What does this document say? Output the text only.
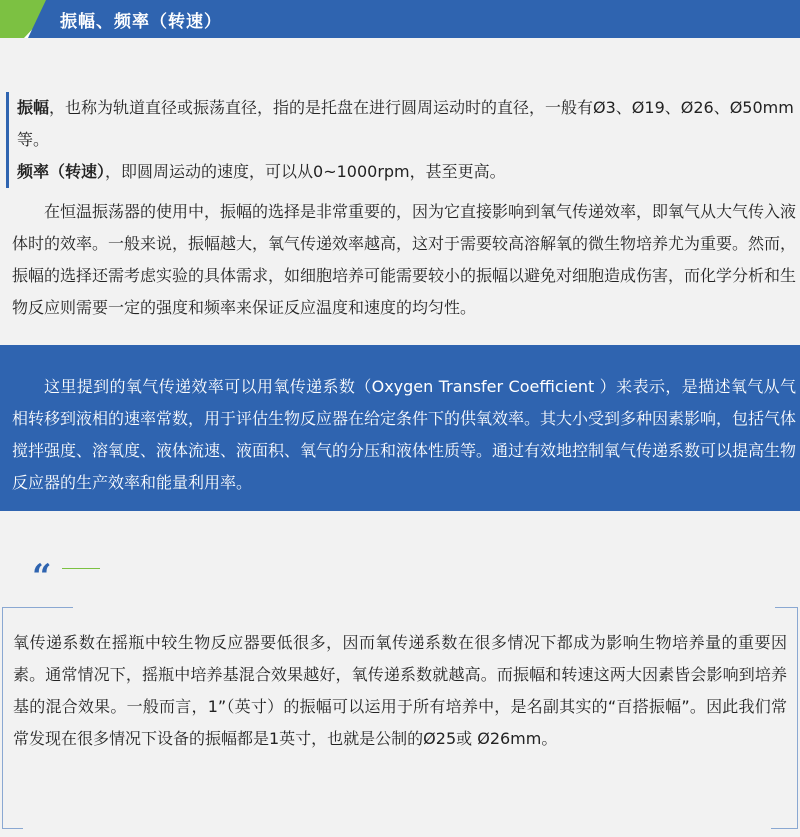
振幅、频率（转速）
振幅，也称为轨道直径或振荡直径，指的是托盘在进行圆周运动时的直径，一般有Ø3、Ø19、Ø26、Ø50mm等。
频率（转速），即圆周运动的速度，可以从0~1000rpm，甚至更高。

在恒温振荡器的使用中，振幅的选择是非常重要的，因为它直接影响到氧气传递效率，即氧气从大气传入液体时的效率。一般来说，振幅越大，氧气传递效率越高，这对于需要较高溶解氧的微生物培养尤为重要。然而，振幅的选择还需考虑实验的具体需求，如细胞培养可能需要较小的振幅以避免对细胞造成伤害，而化学分析和生物反应则需要一定的强度和频率来保证反应温度和速度的均匀性。

这里提到的氧气传递效率可以用氧传递系数（Oxygen Transfer Coefficient ）来表示，是描述氧气从气相转移到液相的速率常数，用于评估生物反应器在给定条件下的供氧效率。其大小受到多种因素影响，包括气体搅拌强度、溶氧度、液体流速、液面积、氧气的分压和液体性质等。通过有效地控制氧气传递系数可以提高生物反应器的生产效率和能量利用率。

“

氧传递系数在摇瓶中较生物反应器要低很多，因而氧传递系数在很多情况下都成为影响生物培养量的重要因素。通常情况下，摇瓶中培养基混合效果越好，氧传递系数就越高。而振幅和转速这两大因素皆会影响到培养基的混合效果。一般而言，1”（英寸）的振幅可以运用于所有培养中，是名副其实的“百搭振幅”。因此我们常常发现在很多情况下设备的振幅都是1英寸，也就是公制的Ø25或 Ø26mm。
